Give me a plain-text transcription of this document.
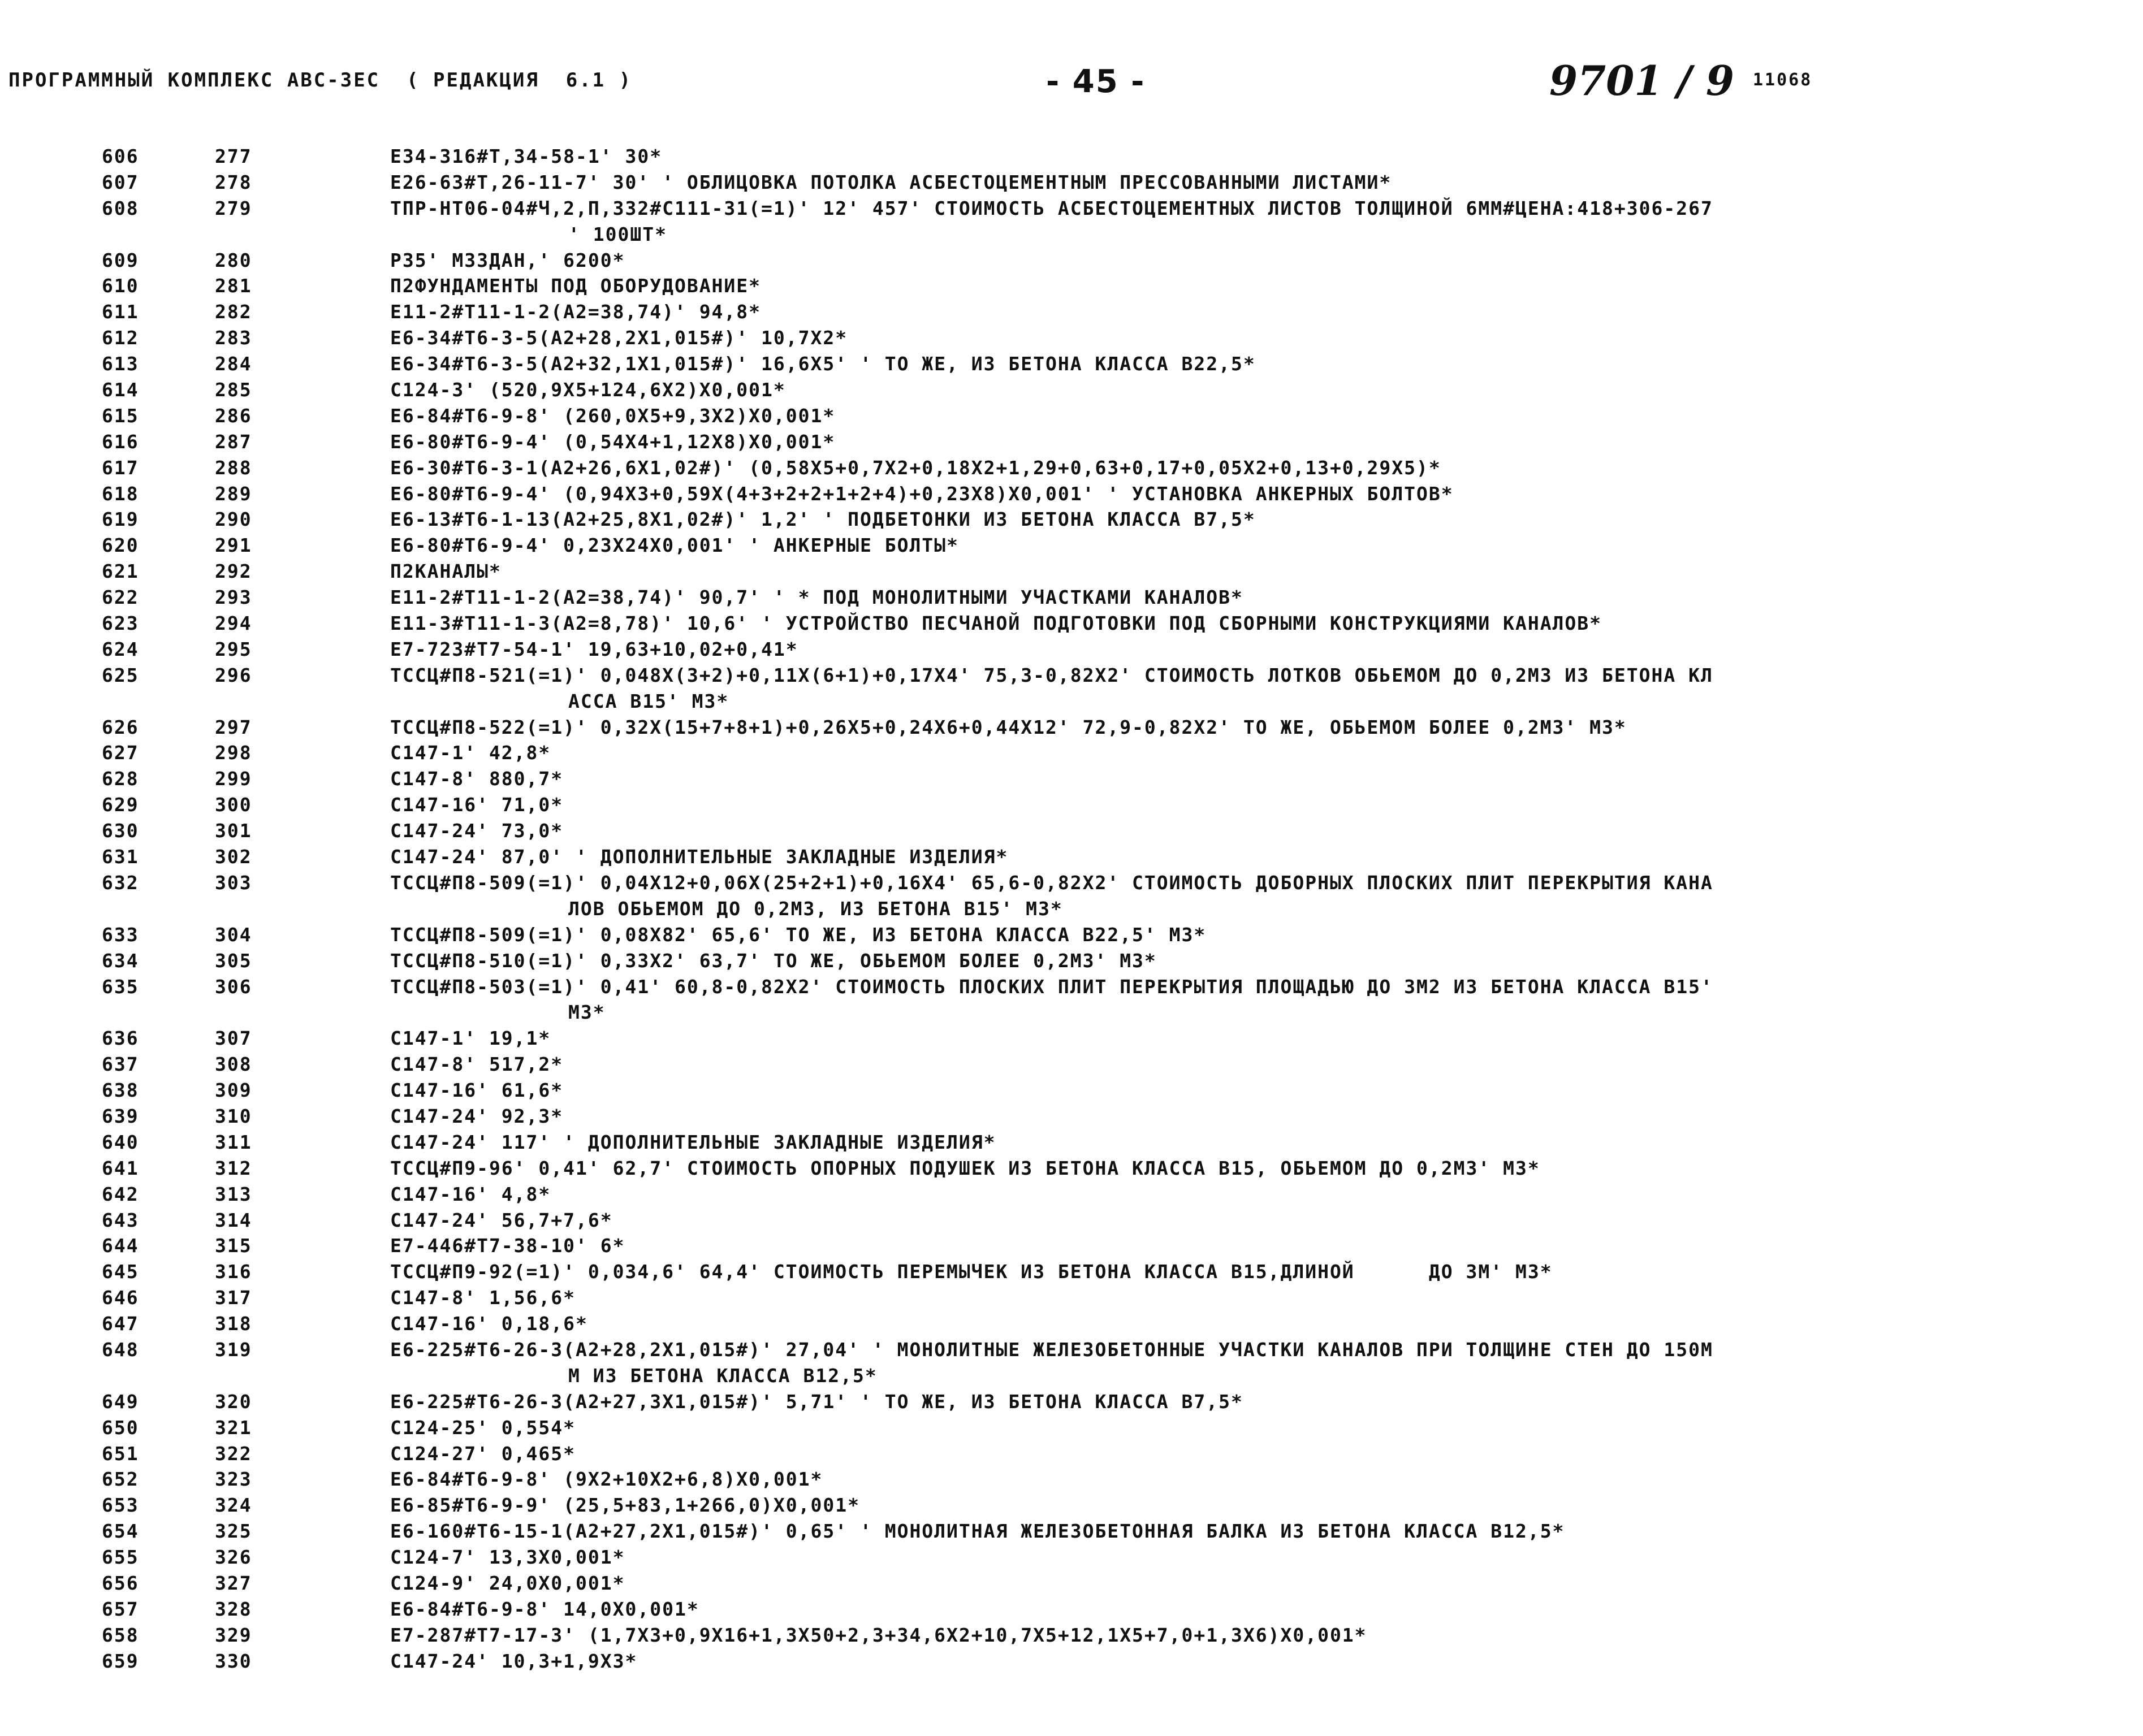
ПРОГРАММНЫЙ КОМПЛЕКС АВС-3ЕС  ( РЕДАКЦИЯ  6.1 )	- 45 -	9701 / 9 11068
606	277	E34-316#Т,34-58-1' 30*
607	278	E26-63#Т,26-11-7' 30' ' ОБЛИЦОВКА ПОТОЛКА АСБЕСТОЦЕМЕНТНЫМ ПРЕССОВАННЫМИ ЛИСТАМИ*
608	279	ТПР-НТ06-04#Ч,2,П,332#С111-31(=1)' 12' 457' СТОИМОСТЬ АСБЕСТОЦЕМЕНТНЫХ ЛИСТОВ ТОЛЩИНОЙ 6ММ#ЦЕНА:418+306-267
' 100ШТ*
609	280	Р35' М33ДАН,' 6200*
610	281	П2ФУНДАМЕНТЫ ПОД ОБОРУДОВАНИЕ*
611	282	E11-2#Т11-1-2(А2=38,74)' 94,8*
612	283	E6-34#Т6-3-5(А2+28,2Х1,015#)' 10,7Х2*
613	284	E6-34#Т6-3-5(А2+32,1Х1,015#)' 16,6Х5' ' ТО ЖЕ, ИЗ БЕТОНА КЛАССА В22,5*
614	285	С124-3' (520,9Х5+124,6Х2)Х0,001*
615	286	E6-84#Т6-9-8' (260,0Х5+9,3Х2)Х0,001*
616	287	E6-80#Т6-9-4' (0,54Х4+1,12Х8)Х0,001*
617	288	E6-30#Т6-3-1(А2+26,6Х1,02#)' (0,58Х5+0,7Х2+0,18Х2+1,29+0,63+0,17+0,05Х2+0,13+0,29Х5)*
618	289	E6-80#Т6-9-4' (0,94Х3+0,59Х(4+3+2+2+1+2+4)+0,23Х8)Х0,001' ' УСТАНОВКА АНКЕРНЫХ БОЛТОВ*
619	290	E6-13#Т6-1-13(А2+25,8Х1,02#)' 1,2' ' ПОДБЕТОНКИ ИЗ БЕТОНА КЛАССА В7,5*
620	291	E6-80#Т6-9-4' 0,23Х24Х0,001' ' АНКЕРНЫЕ БОЛТЫ*
621	292	П2КАНАЛЫ*
622	293	E11-2#Т11-1-2(А2=38,74)' 90,7' ' * ПОД МОНОЛИТНЫМИ УЧАСТКАМИ КАНАЛОВ*
623	294	E11-3#Т11-1-3(А2=8,78)' 10,6' ' УСТРОЙСТВО ПЕСЧАНОЙ ПОДГОТОВКИ ПОД СБОРНЫМИ КОНСТРУКЦИЯМИ КАНАЛОВ*
624	295	E7-723#Т7-54-1' 19,63+10,02+0,41*
625	296	ТССЦ#П8-521(=1)' 0,048Х(3+2)+0,11Х(6+1)+0,17Х4' 75,3-0,82Х2' СТОИМОСТЬ ЛОТКОВ ОБЬЕМОМ ДО 0,2М3 ИЗ БЕТОНА КЛ
АССА В15' М3*
626	297	ТССЦ#П8-522(=1)' 0,32Х(15+7+8+1)+0,26Х5+0,24Х6+0,44Х12' 72,9-0,82Х2' ТО ЖЕ, ОБЬЕМОМ БОЛЕЕ 0,2М3' М3*
627	298	С147-1' 42,8*
628	299	С147-8' 880,7*
629	300	С147-16' 71,0*
630	301	С147-24' 73,0*
631	302	С147-24' 87,0' ' ДОПОЛНИТЕЛЬНЫЕ ЗАКЛАДНЫЕ ИЗДЕЛИЯ*
632	303	ТССЦ#П8-509(=1)' 0,04Х12+0,06Х(25+2+1)+0,16Х4' 65,6-0,82Х2' СТОИМОСТЬ ДОБОРНЫХ ПЛОСКИХ ПЛИТ ПЕРЕКРЫТИЯ КАНА
ЛОВ ОБЬЕМОМ ДО 0,2М3, ИЗ БЕТОНА В15' М3*
633	304	ТССЦ#П8-509(=1)' 0,08Х82' 65,6' ТО ЖЕ, ИЗ БЕТОНА КЛАССА В22,5' М3*
634	305	ТССЦ#П8-510(=1)' 0,33Х2' 63,7' ТО ЖЕ, ОБЬЕМОМ БОЛЕЕ 0,2М3' М3*
635	306	ТССЦ#П8-503(=1)' 0,41' 60,8-0,82Х2' СТОИМОСТЬ ПЛОСКИХ ПЛИТ ПЕРЕКРЫТИЯ ПЛОЩАДЬЮ ДО 3М2 ИЗ БЕТОНА КЛАССА В15'
М3*
636	307	С147-1' 19,1*
637	308	С147-8' 517,2*
638	309	С147-16' 61,6*
639	310	С147-24' 92,3*
640	311	С147-24' 117' ' ДОПОЛНИТЕЛЬНЫЕ ЗАКЛАДНЫЕ ИЗДЕЛИЯ*
641	312	ТССЦ#П9-96' 0,41' 62,7' СТОИМОСТЬ ОПОРНЫХ ПОДУШЕК ИЗ БЕТОНА КЛАССА В15, ОБЬЕМОМ ДО 0,2М3' М3*
642	313	С147-16' 4,8*
643	314	С147-24' 56,7+7,6*
644	315	E7-446#Т7-38-10' 6*
645	316	ТССЦ#П9-92(=1)' 0,034,6' 64,4' СТОИМОСТЬ ПЕРЕМЫЧЕК ИЗ БЕТОНА КЛАССА В15,ДЛИНОЙ      ДО 3М' М3*
646	317	С147-8' 1,56,6*
647	318	С147-16' 0,18,6*
648	319	E6-225#Т6-26-3(А2+28,2Х1,015#)' 27,04' ' МОНОЛИТНЫЕ ЖЕЛЕЗОБЕТОННЫЕ УЧАСТКИ КАНАЛОВ ПРИ ТОЛЩИНЕ СТЕН ДО 150М
М ИЗ БЕТОНА КЛАССА В12,5*
649	320	E6-225#Т6-26-3(А2+27,3Х1,015#)' 5,71' ' ТО ЖЕ, ИЗ БЕТОНА КЛАССА В7,5*
650	321	С124-25' 0,554*
651	322	С124-27' 0,465*
652	323	E6-84#Т6-9-8' (9Х2+10Х2+6,8)Х0,001*
653	324	E6-85#Т6-9-9' (25,5+83,1+266,0)Х0,001*
654	325	E6-160#Т6-15-1(А2+27,2Х1,015#)' 0,65' ' МОНОЛИТНАЯ ЖЕЛЕЗОБЕТОННАЯ БАЛКА ИЗ БЕТОНА КЛАССА В12,5*
655	326	С124-7' 13,3Х0,001*
656	327	С124-9' 24,0Х0,001*
657	328	E6-84#Т6-9-8' 14,0Х0,001*
658	329	E7-287#Т7-17-3' (1,7Х3+0,9Х16+1,3Х50+2,3+34,6Х2+10,7Х5+12,1Х5+7,0+1,3Х6)Х0,001*
659	330	С147-24' 10,3+1,9Х3*
